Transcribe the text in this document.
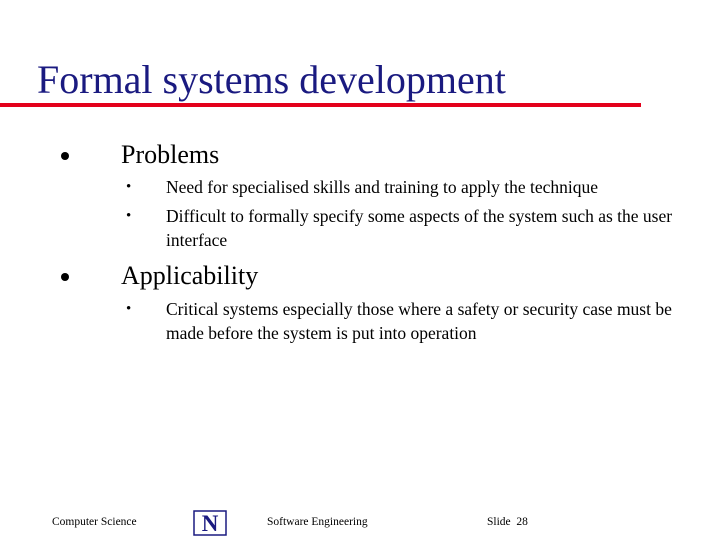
Formal systems development
Problems
• Need for specialised skills and training to apply the technique
• Difficult to formally specify some aspects of the system such as the user interface
Applicability
• Critical systems especially those where a safety or security case must be made before the system is put into operation
Computer Science	N	Software Engineering	Slide  28
